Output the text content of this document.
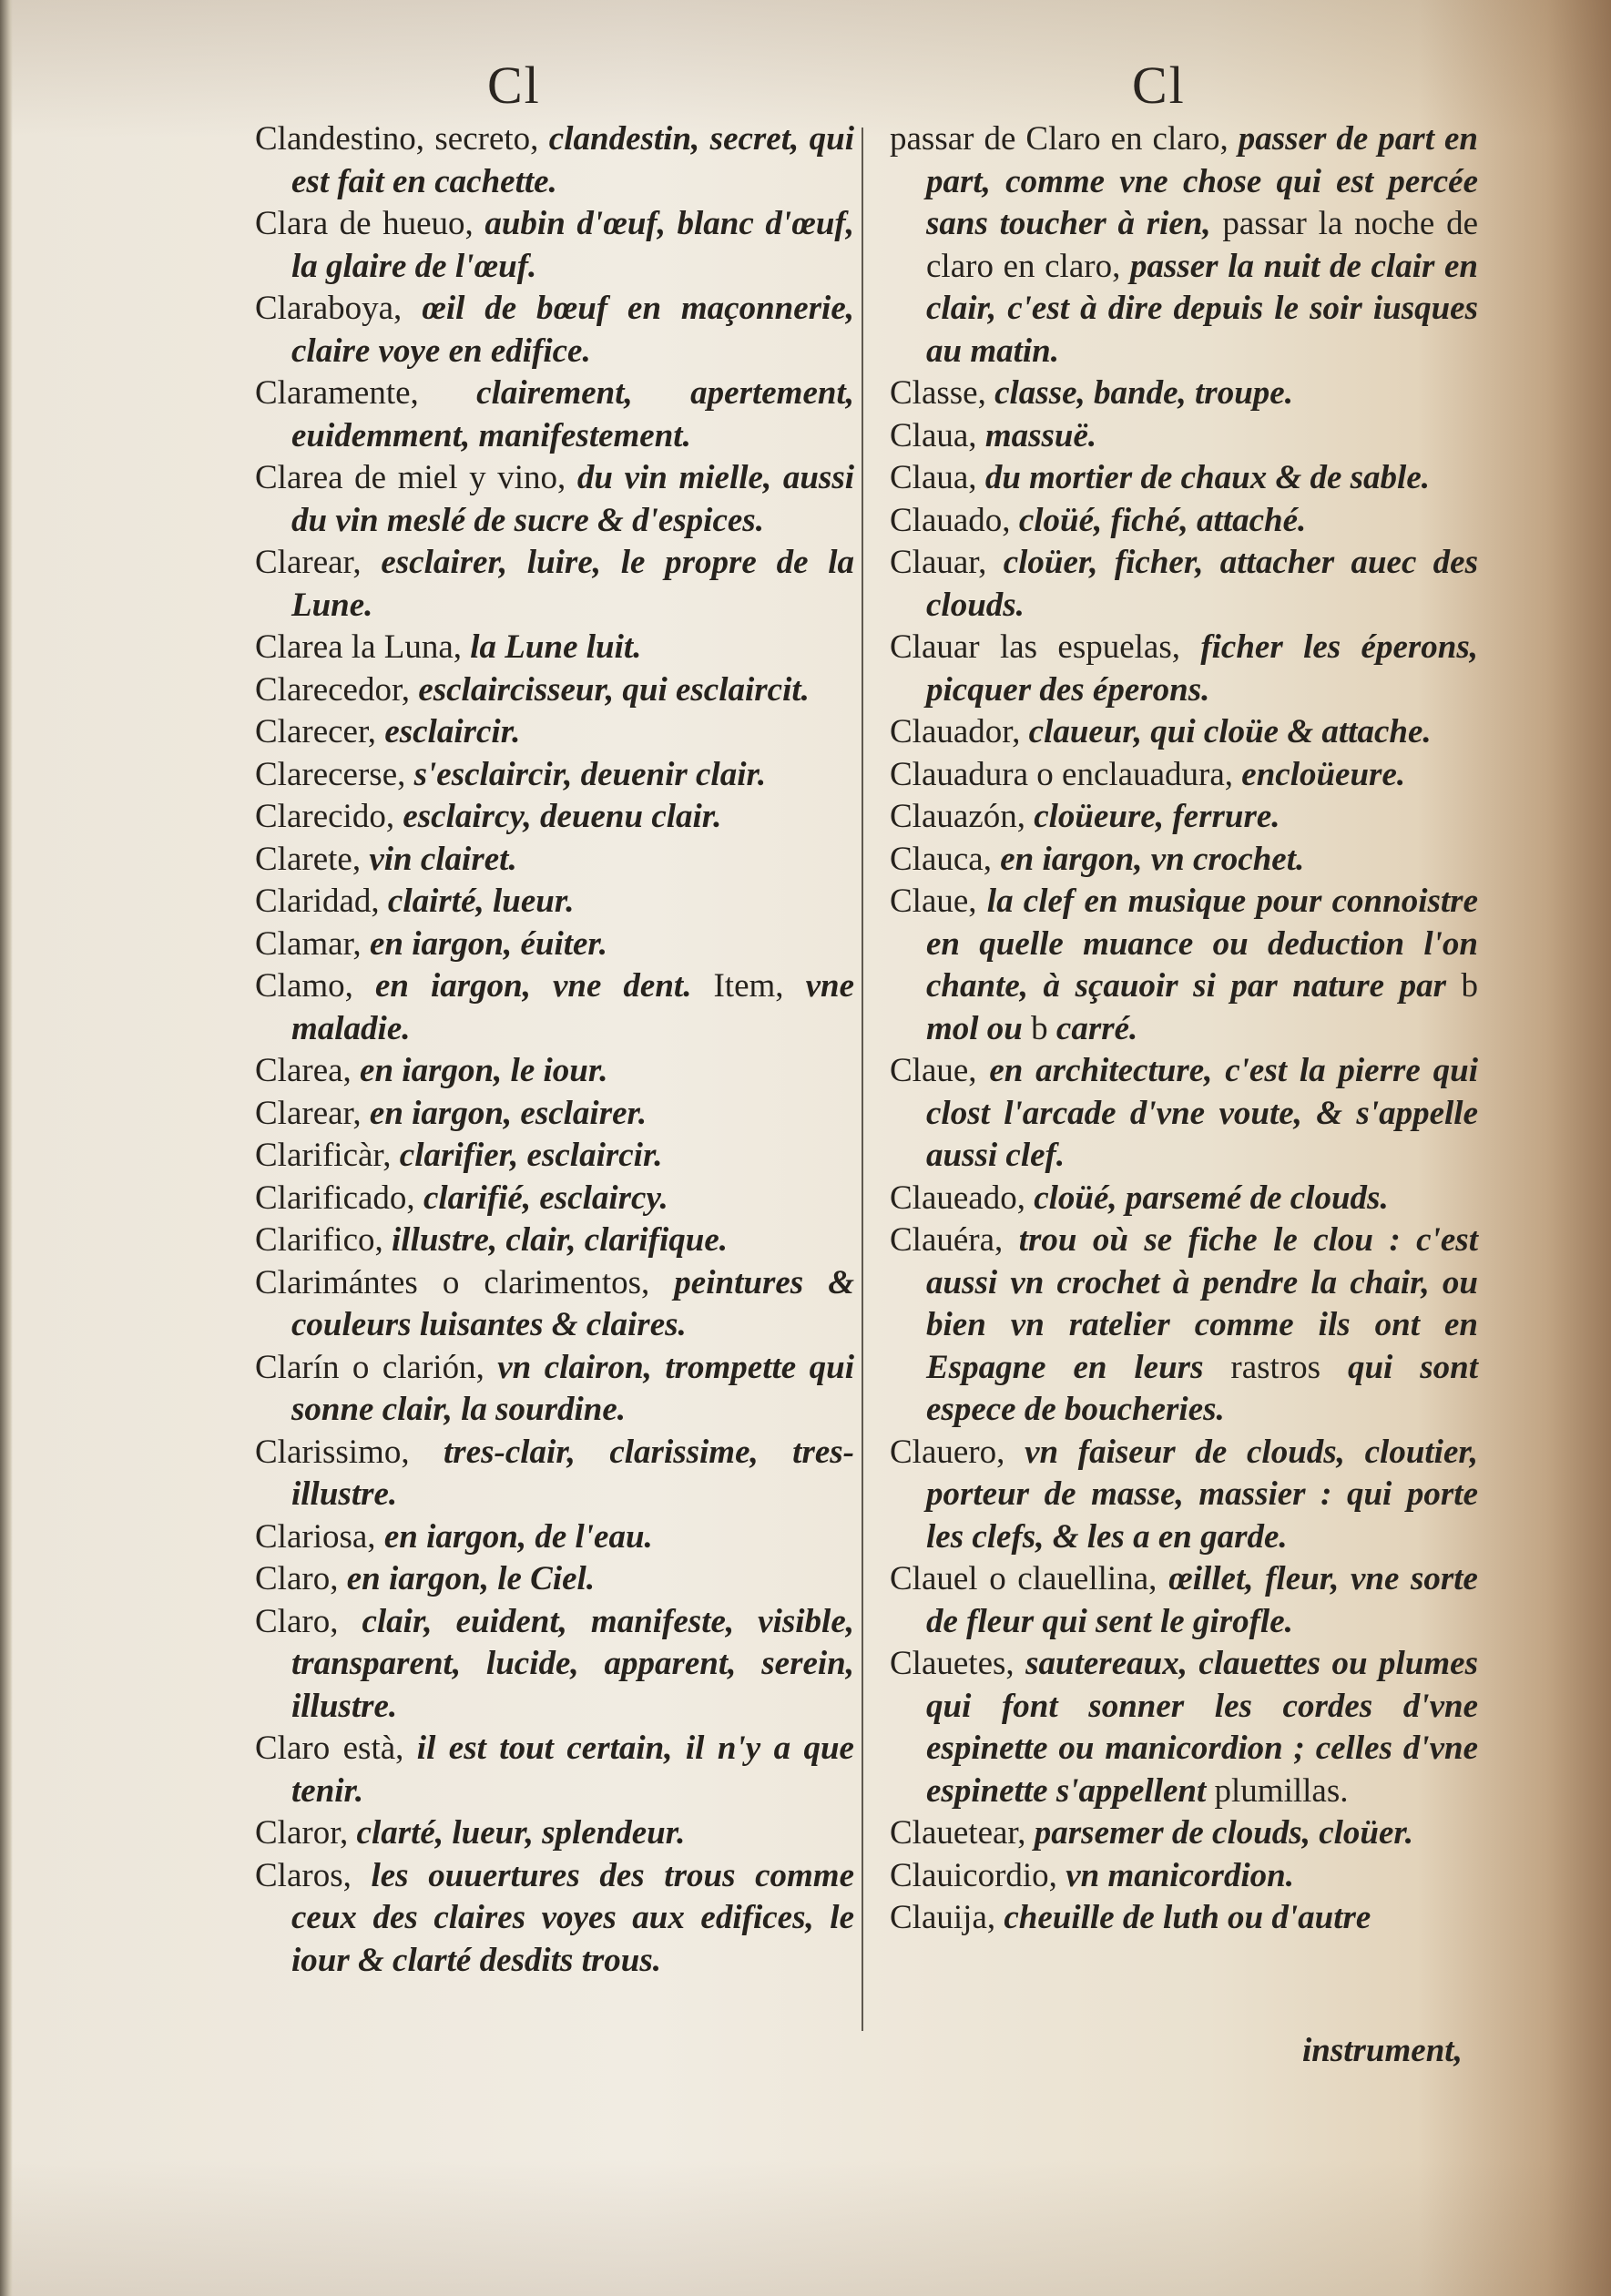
Cl	Cl

Clandestino, secreto, clandestin, secret, qui est fait en cachette.

Clara de hueuo, aubin d'œuf, blanc d'œuf, la glaire de l'œuf.

Claraboya, œil de bœuf en maçonnerie, claire voye en edifice.

Claramente, clairement, apertement, euidemment, manifestement.

Clarea de miel y vino, du vin mielle, aussi du vin meslé de sucre & d'espices.

Clarear, esclairer, luire, le propre de la Lune.

Clarea la Luna, la Lune luit.

Clarecedor, esclaircisseur, qui esclaircit.

Clarecer, esclaircir.

Clarecerse, s'esclaircir, deuenir clair.

Clarecido, esclaircy, deuenu clair.

Clarete, vin clairet.

Claridad, clairté, lueur.

Clamar, en iargon, éuiter.

Clamo, en iargon, vne dent. Item, vne maladie.

Clarea, en iargon, le iour.

Clarear, en iargon, esclairer.

Clarificàr, clarifier, esclaircir.

Clarificado, clarifié, esclaircy.

Clarifico, illustre, clair, clarifique.

Clarimántes o clarimentos, peintures & couleurs luisantes & claires.

Clarín o clarión, vn clairon, trompette qui sonne clair, la sourdine.

Clarissimo, tres-clair, clarissime, tres-illustre.

Clariosa, en iargon, de l'eau.

Claro, en iargon, le Ciel.

Claro, clair, euident, manifeste, visible, transparent, lucide, apparent, serein, illustre.

Claro està, il est tout certain, il n'y a que tenir.

Claror, clarté, lueur, splendeur.

Claros, les ouuertures des trous comme ceux des claires voyes aux edifices, le iour & clarté desdits trous.

passar de Claro en claro, passer de part en part, comme vne chose qui est percée sans toucher à rien, passar la noche de claro en claro, passer la nuit de clair en clair, c'est à dire depuis le soir iusques au matin.

Classe, classe, bande, troupe.

Claua, massuë.

Claua, du mortier de chaux & de sable.

Clauado, cloüé, fiché, attaché.

Clauar, cloüer, ficher, attacher auec des clouds.

Clauar las espuelas, ficher les éperons, picquer des éperons.

Clauador, claueur, qui cloüe & attache.

Clauadura o enclauadura, encloüeure.

Clauazón, cloüeure, ferrure.

Clauca, en iargon, vn crochet.

Claue, la clef en musique pour connoistre en quelle muance ou deduction l'on chante, à sçauoir si par nature par b mol ou b carré.

Claue, en architecture, c'est la pierre qui clost l'arcade d'vne voute, & s'appelle aussi clef.

Claueado, cloüé, parsemé de clouds.

Clauéra, trou où se fiche le clou : c'est aussi vn crochet à pendre la chair, ou bien vn ratelier comme ils ont en Espagne en leurs rastros qui sont espece de boucheries.

Clauero, vn faiseur de clouds, cloutier, porteur de masse, massier : qui porte les clefs, & les a en garde.

Clauel o clauellina, œillet, fleur, vne sorte de fleur qui sent le girofle.

Clauetes, sautereaux, clauettes ou plumes qui font sonner les cordes d'vne espinette ou manicordion ; celles d'vne espinette s'appellent plumillas.

Clauetear, parsemer de clouds, cloüer.

Clauicordio, vn manicordion.

Clauija, cheuille de luth ou d'autre

instrument,
